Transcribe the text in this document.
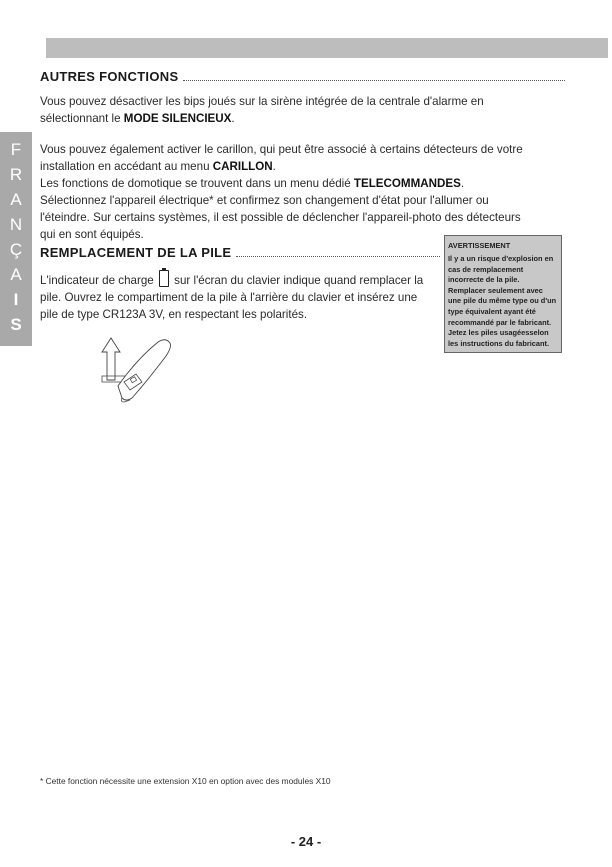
F
R
A
N
Ç
A
I
S
AUTRES FONCTIONS

Vous pouvez désactiver les bips joués sur la sirène intégrée de la centrale d'alarme en sélectionnant le MODE SILENCIEUX.

Vous pouvez également activer le carillon, qui peut être associé à certains détecteurs de votre installation en accédant au menu CARILLON.
Les fonctions de domotique se trouvent dans un menu dédié TELECOMMANDES. Sélectionnez l'appareil électrique* et confirmez son changement d'état pour l'allumer ou l'éteindre. Sur certains systèmes, il est possible de déclencher l'appareil-photo des détecteurs qui en sont équipés.

REMPLACEMENT DE LA PILE

L'indicateur de charge  sur l'écran du clavier indique quand remplacer la pile. Ouvrez le compartiment de la pile à l'arrière du clavier et insérez une pile de type CR123A 3V, en respectant les polarités.

AVERTISSEMENT

Il y a un risque d'explosion en cas de remplacement incorrecte de la pile. Remplacer seulement avec une pile du même type ou d'un type équivalent ayant été recommandé par le fabricant. Jetez les piles usagéesselon les instructions du fabricant.

* Cette fonction nécessite une extension X10 en option avec des modules X10

- 24 -
